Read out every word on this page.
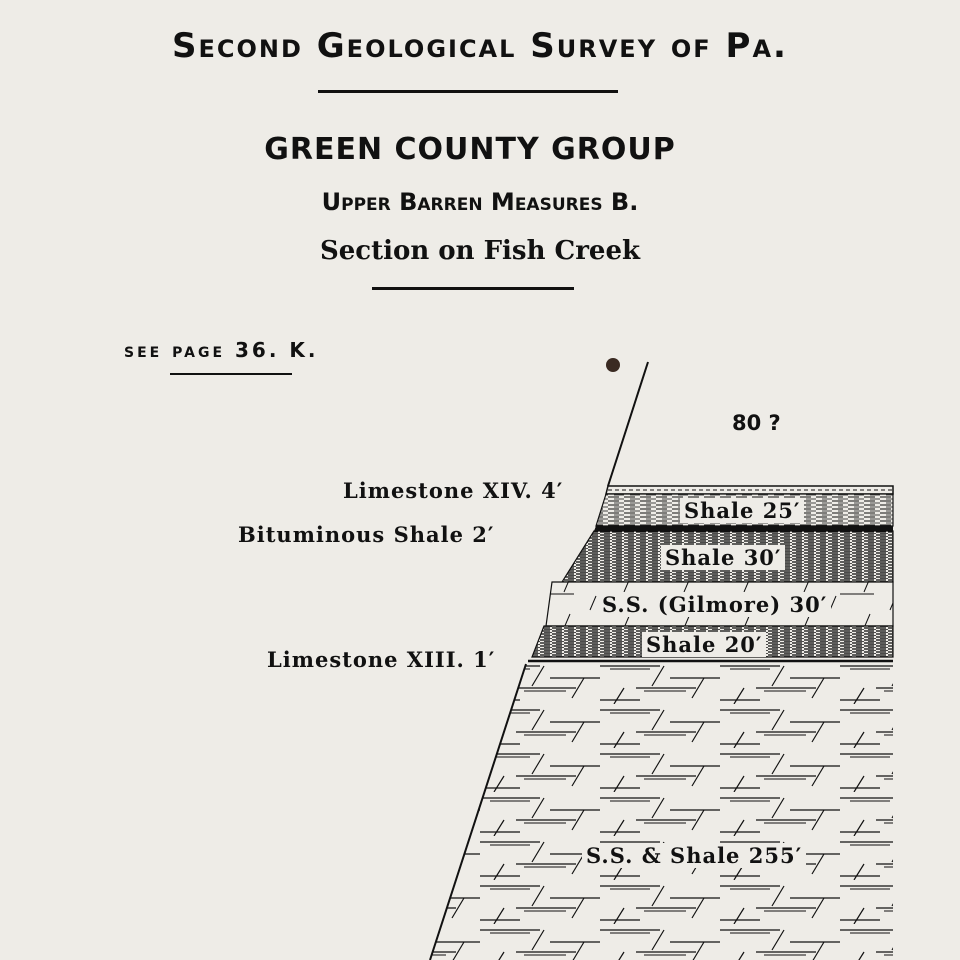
Second Geological Survey of Pa.
GREEN COUNTY GROUP
Upper Barren Measures B.
Section on Fish Creek
see page 36. K.
80 ?
Limestone XIV. 4′
Bituminous Shale 2′
Limestone XIII. 1′
Shale 25′
Shale 30′
S.S. (Gilmore) 30′
Shale 20′
S.S. & Shale 255′
